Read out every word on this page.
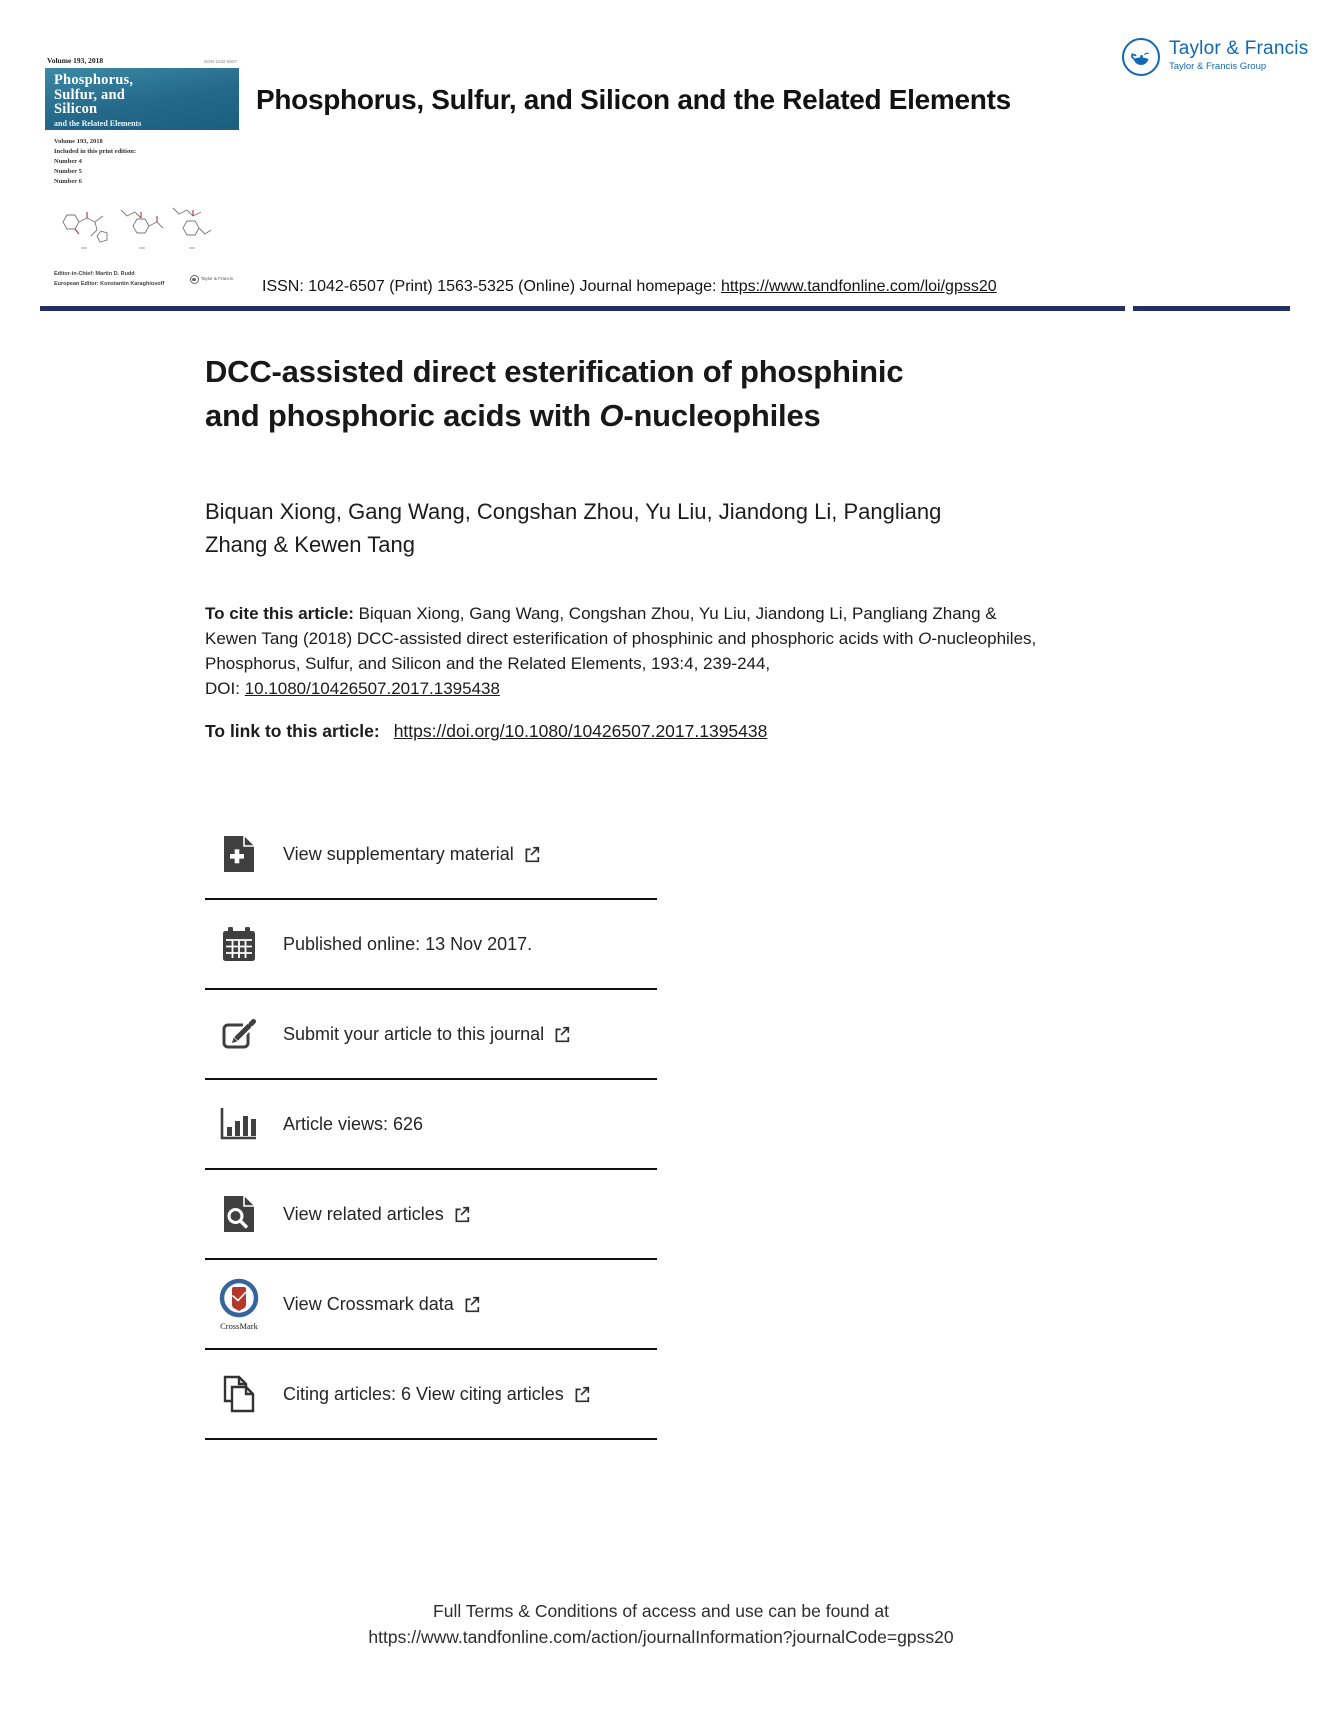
Volume 193, 2018	ISSN 1042-6507
Phosphorus,
Sulfur, and
Silicon
and the Related Elements
Volume 193, 2018
Included in this print edition:
Number 4
Number 5
Number 6
Editor-in-Chief: Martin D. Rudd
European Editor: Konstantin Karaghiosoff
Taylor & Francis
Taylor & Francis
Taylor & Francis Group
Phosphorus, Sulfur, and Silicon and the Related Elements
ISSN: 1042-6507 (Print) 1563-5325 (Online) Journal homepage: https://www.tandfonline.com/loi/gpss20
DCC-assisted direct esterification of phosphinic
and phosphoric acids with O-nucleophiles
Biquan Xiong, Gang Wang, Congshan Zhou, Yu Liu, Jiandong Li, Pangliang
Zhang & Kewen Tang
To cite this article: Biquan Xiong, Gang Wang, Congshan Zhou, Yu Liu, Jiandong Li, Pangliang Zhang & Kewen Tang (2018) DCC-assisted direct esterification of phosphinic and phosphoric acids with O-nucleophiles, Phosphorus, Sulfur, and Silicon and the Related Elements, 193:4, 239-244,
DOI: 10.1080/10426507.2017.1395438
To link to this article: https://doi.org/10.1080/10426507.2017.1395438
View supplementary material
Published online: 13 Nov 2017.
Submit your article to this journal
Article views: 626
View related articles
CrossMark
View Crossmark data
Citing articles: 6 View citing articles
Full Terms & Conditions of access and use can be found at
https://www.tandfonline.com/action/journalInformation?journalCode=gpss20
